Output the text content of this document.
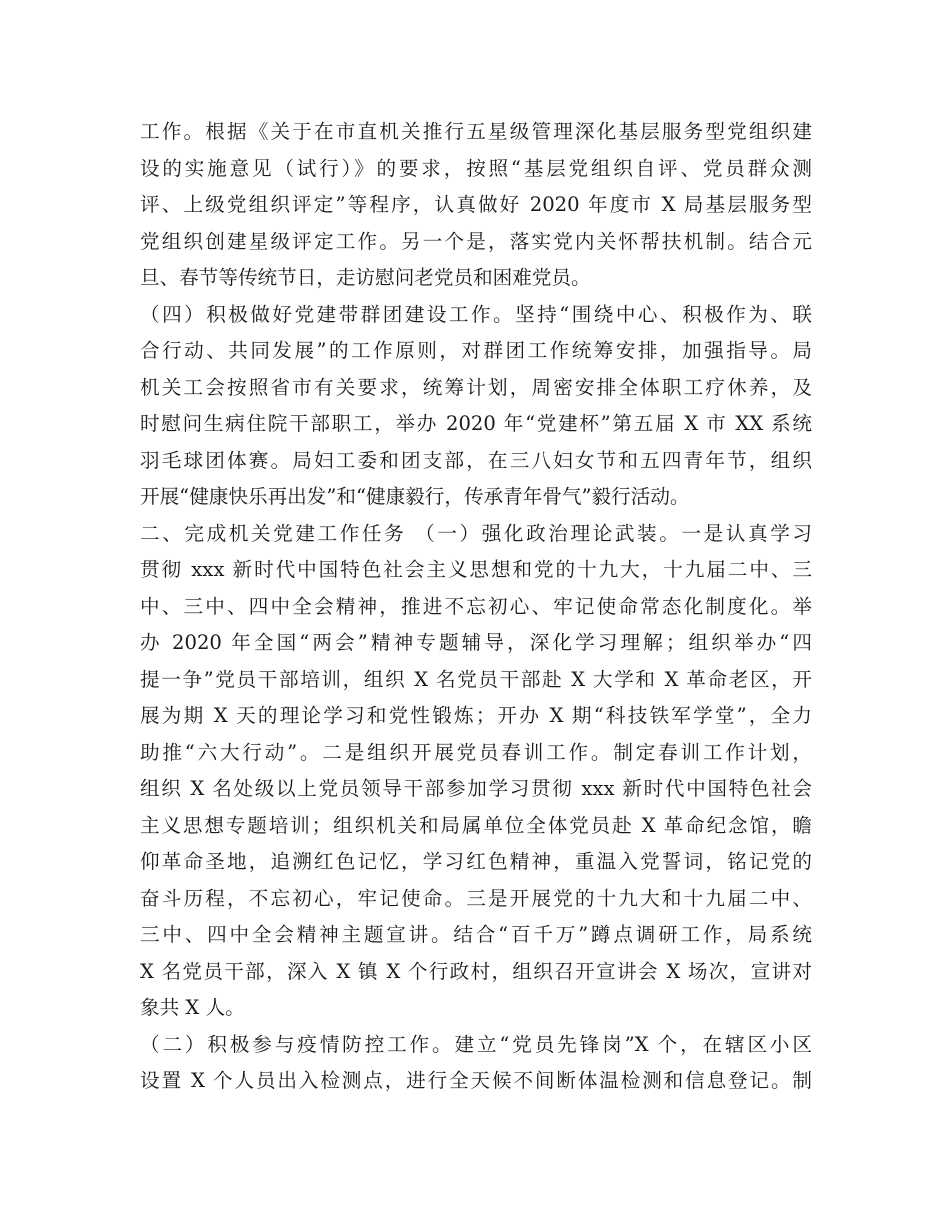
工作。根据《关于在市直机关推行五星级管理深化基层服务型党组织建
设的实施意见（试行）》的要求，按照“基层党组织自评、党员群众测
评、上级党组织评定”等程序，认真做好 2020 年度市 X 局基层服务型
党组织创建星级评定工作。另一个是，落实党内关怀帮扶机制。结合元
旦、春节等传统节日，走访慰问老党员和困难党员。
（四）积极做好党建带群团建设工作。坚持“围绕中心、积极作为、联
合行动、共同发展”的工作原则，对群团工作统筹安排，加强指导。局
机关工会按照省市有关要求，统筹计划，周密安排全体职工疗休养，及
时慰问生病住院干部职工，举办 2020 年“党建杯”第五届 X 市 XX 系统
羽毛球团体赛。局妇工委和团支部，在三八妇女节和五四青年节，组织
开展“健康快乐再出发”和“健康毅行，传承青年骨气”毅行活动。
二、完成机关党建工作任务 （一）强化政治理论武装。一是认真学习
贯彻 xxx 新时代中国特色社会主义思想和党的十九大，十九届二中、三
中、三中、四中全会精神，推进不忘初心、牢记使命常态化制度化。举
办 2020 年全国“两会”精神专题辅导，深化学习理解；组织举办“四
提一争”党员干部培训，组织 X 名党员干部赴 X 大学和 X 革命老区，开
展为期 X 天的理论学习和党性锻炼；开办 X 期“科技铁军学堂”，全力
助推“六大行动”。二是组织开展党员春训工作。制定春训工作计划，
组织 X 名处级以上党员领导干部参加学习贯彻 xxx 新时代中国特色社会
主义思想专题培训；组织机关和局属单位全体党员赴 X 革命纪念馆，瞻
仰革命圣地，追溯红色记忆，学习红色精神，重温入党誓词，铭记党的
奋斗历程，不忘初心，牢记使命。三是开展党的十九大和十九届二中、
三中、四中全会精神主题宣讲。结合“百千万”蹲点调研工作，局系统
X 名党员干部，深入 X 镇 X 个行政村，组织召开宣讲会 X 场次，宣讲对
象共 X 人。
（二）积极参与疫情防控工作。建立“党员先锋岗”X 个，在辖区小区
设置 X 个人员出入检测点，进行全天候不间断体温检测和信息登记。制
